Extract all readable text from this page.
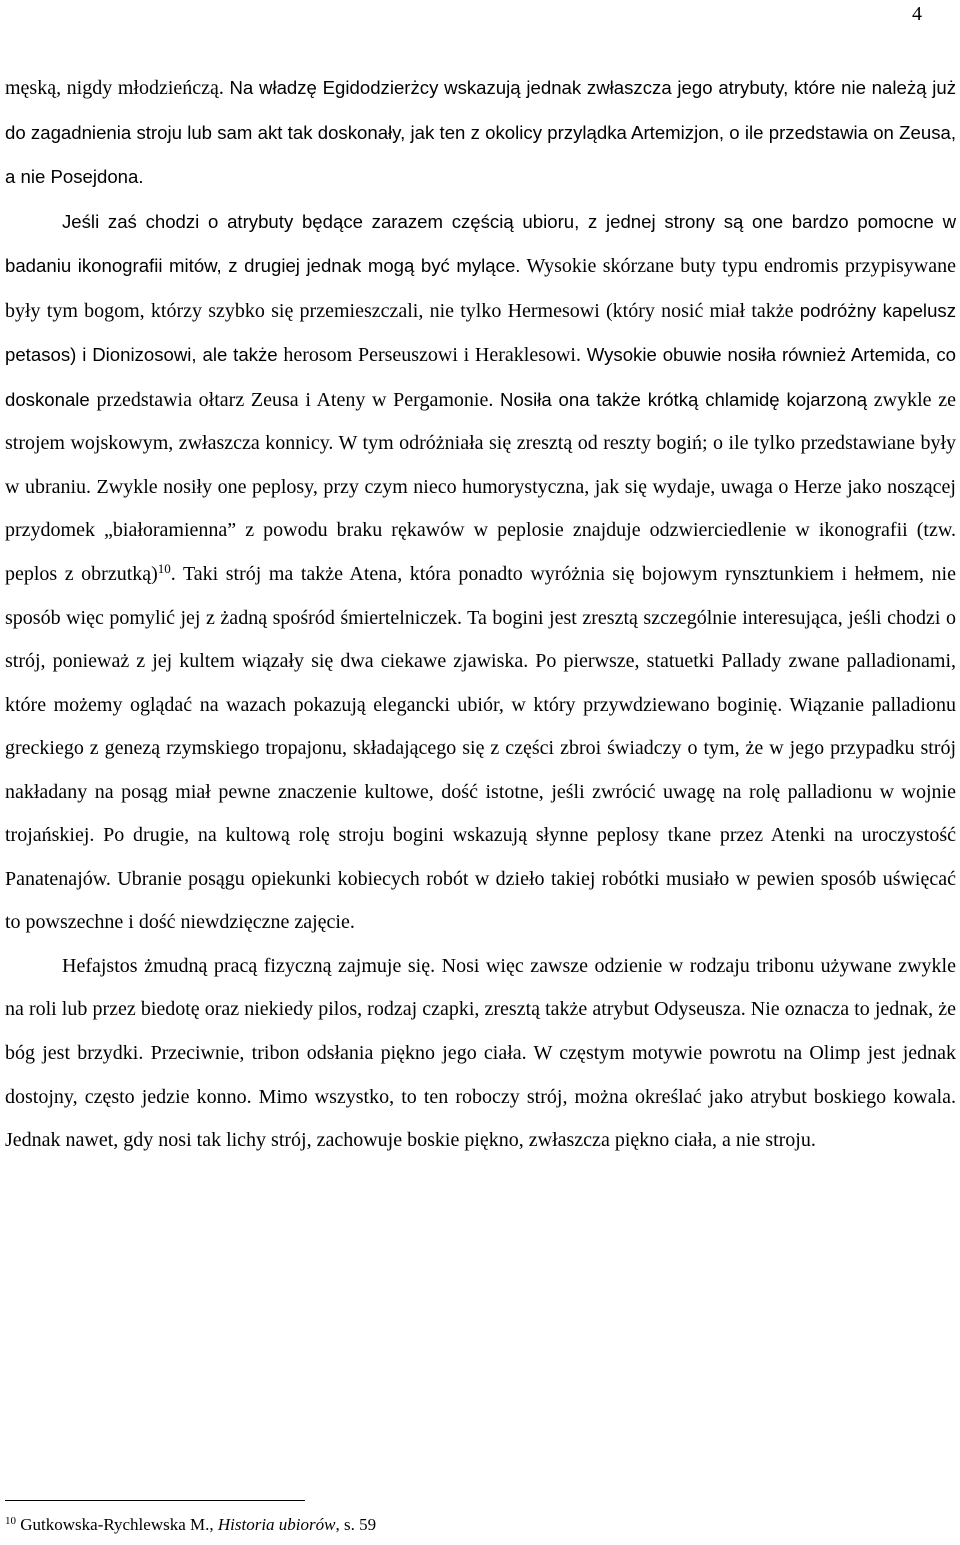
4

męską, nigdy młodzieńczą. Na władzę Egidodzierżcy wskazują jednak zwłaszcza jego atrybuty, które nie należą już do zagadnienia stroju lub sam akt tak doskonały, jak ten z okolicy przylądka Artemizjon, o ile przedstawia on Zeusa, a nie Posejdona.

Jeśli zaś chodzi o atrybuty będące zarazem częścią ubioru, z jednej strony są one bardzo pomocne w badaniu ikonografii mitów, z drugiej jednak mogą być mylące. Wysokie skórzane buty typu endromis przypisywane były tym bogom, którzy szybko się przemieszczali, nie tylko Hermesowi (który nosić miał także podróżny kapelusz petasos) i Dionizosowi, ale także herosom Perseuszowi i Heraklesowi. Wysokie obuwie nosiła również Artemida, co doskonale przedstawia ołtarz Zeusa i Ateny w Pergamonie. Nosiła ona także krótką chlamidę kojarzoną zwykle ze strojem wojskowym, zwłaszcza konnicy. W tym odróżniała się zresztą od reszty bogiń; o ile tylko przedstawiane były w ubraniu. Zwykle nosiły one peplosy, przy czym nieco humorystyczna, jak się wydaje, uwaga o Herze jako noszącej przydomek „białoramienna” z powodu braku rękawów w peplosie znajduje odzwierciedlenie w ikonografii (tzw. peplos z obrzutką)$^{10}$. Taki strój ma także Atena, która ponadto wyróżnia się bojowym rynsztunkiem i hełmem, nie sposób więc pomylić jej z żadną spośród śmiertelniczek. Ta bogini jest zresztą szczególnie interesująca, jeśli chodzi o strój, ponieważ z jej kultem wiązały się dwa ciekawe zjawiska. Po pierwsze, statuetki Pallady zwane palladionami, które możemy oglądać na wazach pokazują elegancki ubiór, w który przywdziewano boginię. Wiązanie palladionu greckiego z genezą rzymskiego tropajonu, składającego się z części zbroi świadczy o tym, że w jego przypadku strój nakładany na posąg miał pewne znaczenie kultowe, dość istotne, jeśli zwrócić uwagę na rolę palladionu w wojnie trojańskiej. Po drugie, na kultową rolę stroju bogini wskazują słynne peplosy tkane przez Atenki na uroczystość Panatenajów. Ubranie posągu opiekunki kobiecych robót w dzieło takiej robótki musiało w pewien sposób uświęcać to powszechne i dość niewdzięczne zajęcie.

Hefajstos żmudną pracą fizyczną zajmuje się. Nosi więc zawsze odzienie w rodzaju tribonu używane zwykle na roli lub przez biedotę oraz niekiedy pilos, rodzaj czapki, zresztą także atrybut Odyseusza. Nie oznacza to jednak, że bóg jest brzydki. Przeciwnie, tribon odsłania piękno jego ciała. W częstym motywie powrotu na Olimp jest jednak dostojny, często jedzie konno. Mimo wszystko, to ten roboczy strój, można określać jako atrybut boskiego kowala. Jednak nawet, gdy nosi tak lichy strój, zachowuje boskie piękno, zwłaszcza piękno ciała, a nie stroju.

$^{10}$ Gutkowska-Rychlewska M., Historia ubiorów, s. 59
